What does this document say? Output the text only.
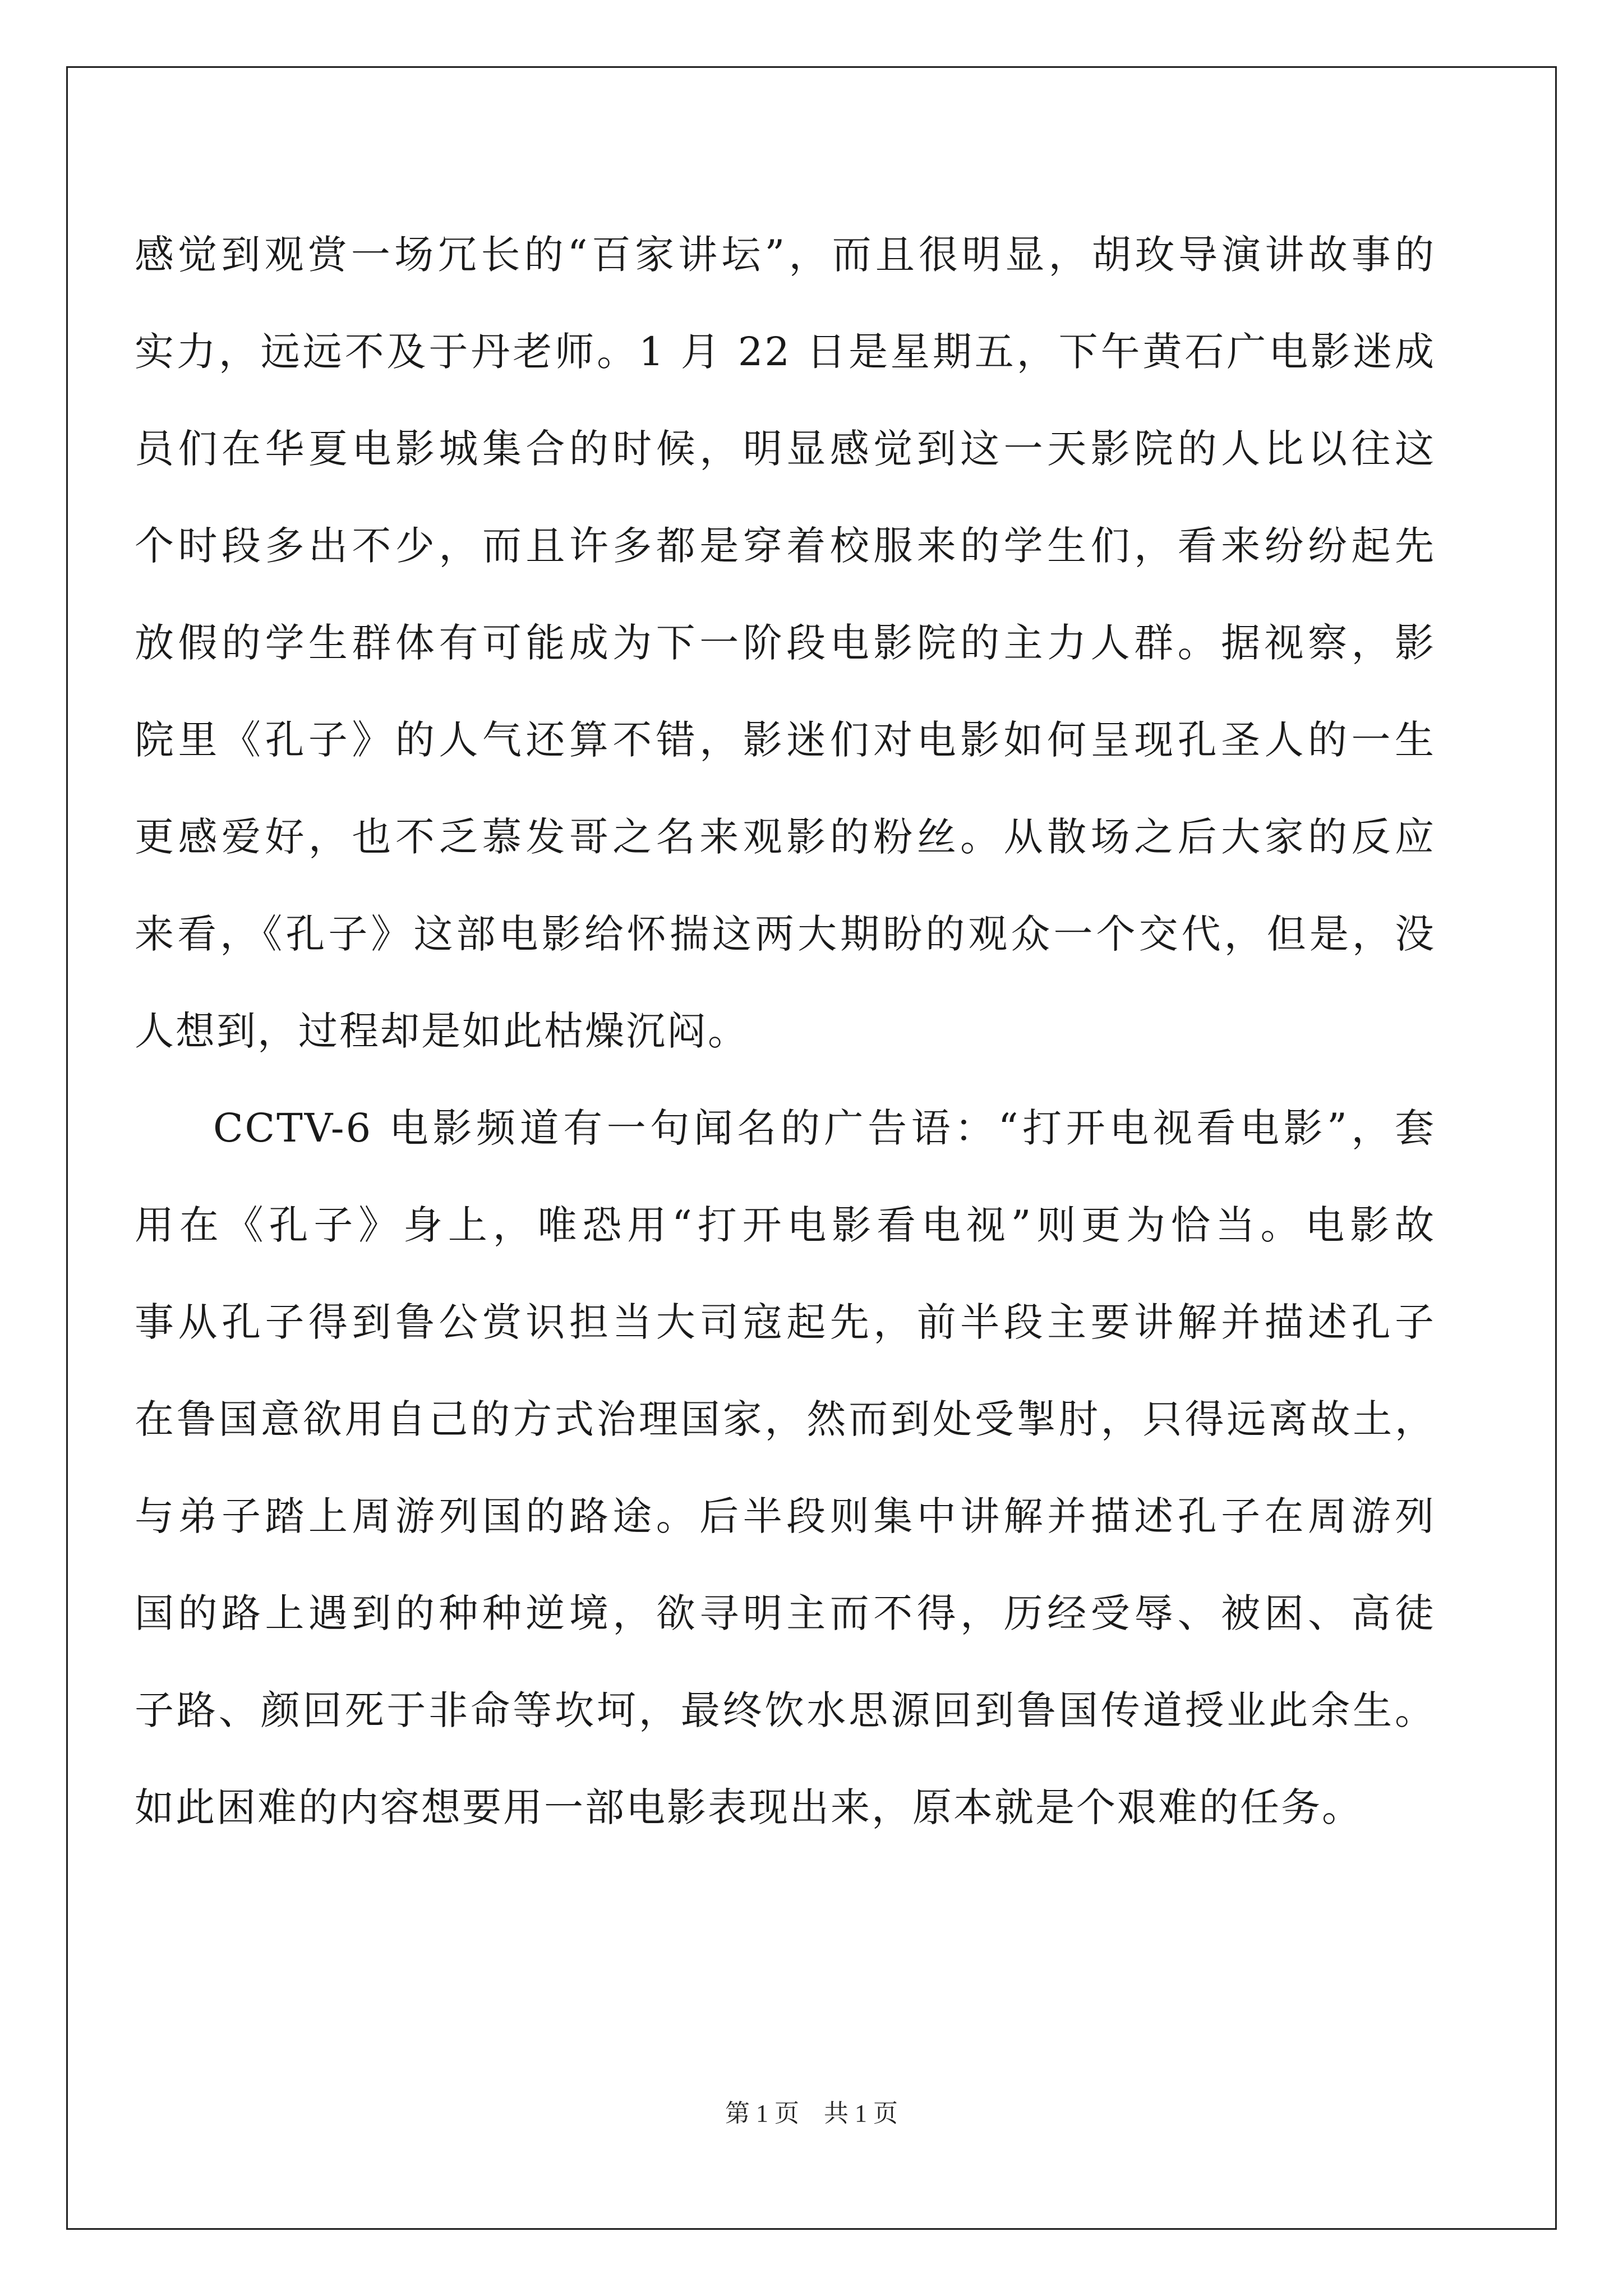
感觉到观赏一场冗长的“百家讲坛”，而且很明显，胡玫导演讲故事的
实力，远远不及于丹老师。1 月 22 日是星期五，下午黄石广电影迷成
员们在华夏电影城集合的时候，明显感觉到这一天影院的人比以往这
个时段多出不少，而且许多都是穿着校服来的学生们，看来纷纷起先
放假的学生群体有可能成为下一阶段电影院的主力人群。据视察，影
院里《孔子》的人气还算不错，影迷们对电影如何呈现孔圣人的一生
更感爱好，也不乏慕发哥之名来观影的粉丝。从散场之后大家的反应
来看，《孔子》这部电影给怀揣这两大期盼的观众一个交代，但是，没
人想到，过程却是如此枯燥沉闷。
CCTV-6 电影频道有一句闻名的广告语：“打开电视看电影”，套
用在《孔子》身上，唯恐用“打开电影看电视”则更为恰当。电影故
事从孔子得到鲁公赏识担当大司寇起先，前半段主要讲解并描述孔子
在鲁国意欲用自己的方式治理国家，然而到处受掣肘，只得远离故土，
与弟子踏上周游列国的路途。后半段则集中讲解并描述孔子在周游列
国的路上遇到的种种逆境，欲寻明主而不得，历经受辱、被困、高徒
子路、颜回死于非命等坎坷，最终饮水思源回到鲁国传道授业此余生。
如此困难的内容想要用一部电影表现出来，原本就是个艰难的任务。
第 1 页　共 1 页
